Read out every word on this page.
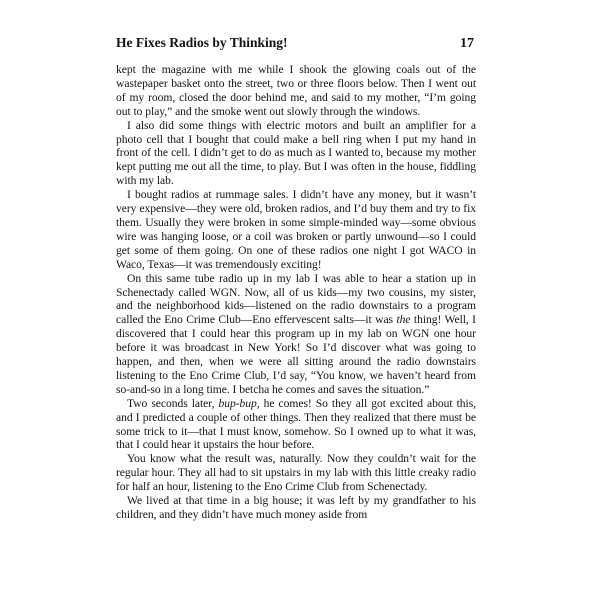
He Fixes Radios by Thinking!	17

kept the magazine with me while I shook the glowing coals out of the wastepaper basket onto the street, two or three floors below. Then I went out of my room, closed the door behind me, and said to my mother, “I’m going out to play,” and the smoke went out slowly through the windows.

I also did some things with electric motors and built an amplifier for a photo cell that I bought that could make a bell ring when I put my hand in front of the cell. I didn’t get to do as much as I wanted to, because my mother kept putting me out all the time, to play. But I was often in the house, fiddling with my lab.

I bought radios at rummage sales. I didn’t have any money, but it wasn’t very expensive—they were old, broken radios, and I’d buy them and try to fix them. Usually they were broken in some simple-minded way—some obvious wire was hanging loose, or a coil was broken or partly unwound—so I could get some of them going. On one of these radios one night I got WACO in Waco, Texas—it was tremendously exciting!

On this same tube radio up in my lab I was able to hear a station up in Schenectady called WGN. Now, all of us kids—my two cousins, my sister, and the neighborhood kids—listened on the radio downstairs to a program called the Eno Crime Club—Eno effervescent salts—it was the thing! Well, I discovered that I could hear this program up in my lab on WGN one hour before it was broadcast in New York! So I’d discover what was going to happen, and then, when we were all sitting around the radio downstairs listening to the Eno Crime Club, I’d say, “You know, we haven’t heard from so-and-so in a long time. I betcha he comes and saves the situation.”

Two seconds later, bup-bup, he comes! So they all got excited about this, and I predicted a couple of other things. Then they realized that there must be some trick to it—that I must know, somehow. So I owned up to what it was, that I could hear it upstairs the hour before.

You know what the result was, naturally. Now they couldn’t wait for the regular hour. They all had to sit upstairs in my lab with this little creaky radio for half an hour, listening to the Eno Crime Club from Schenectady.

We lived at that time in a big house; it was left by my grandfather to his children, and they didn’t have much money aside from
